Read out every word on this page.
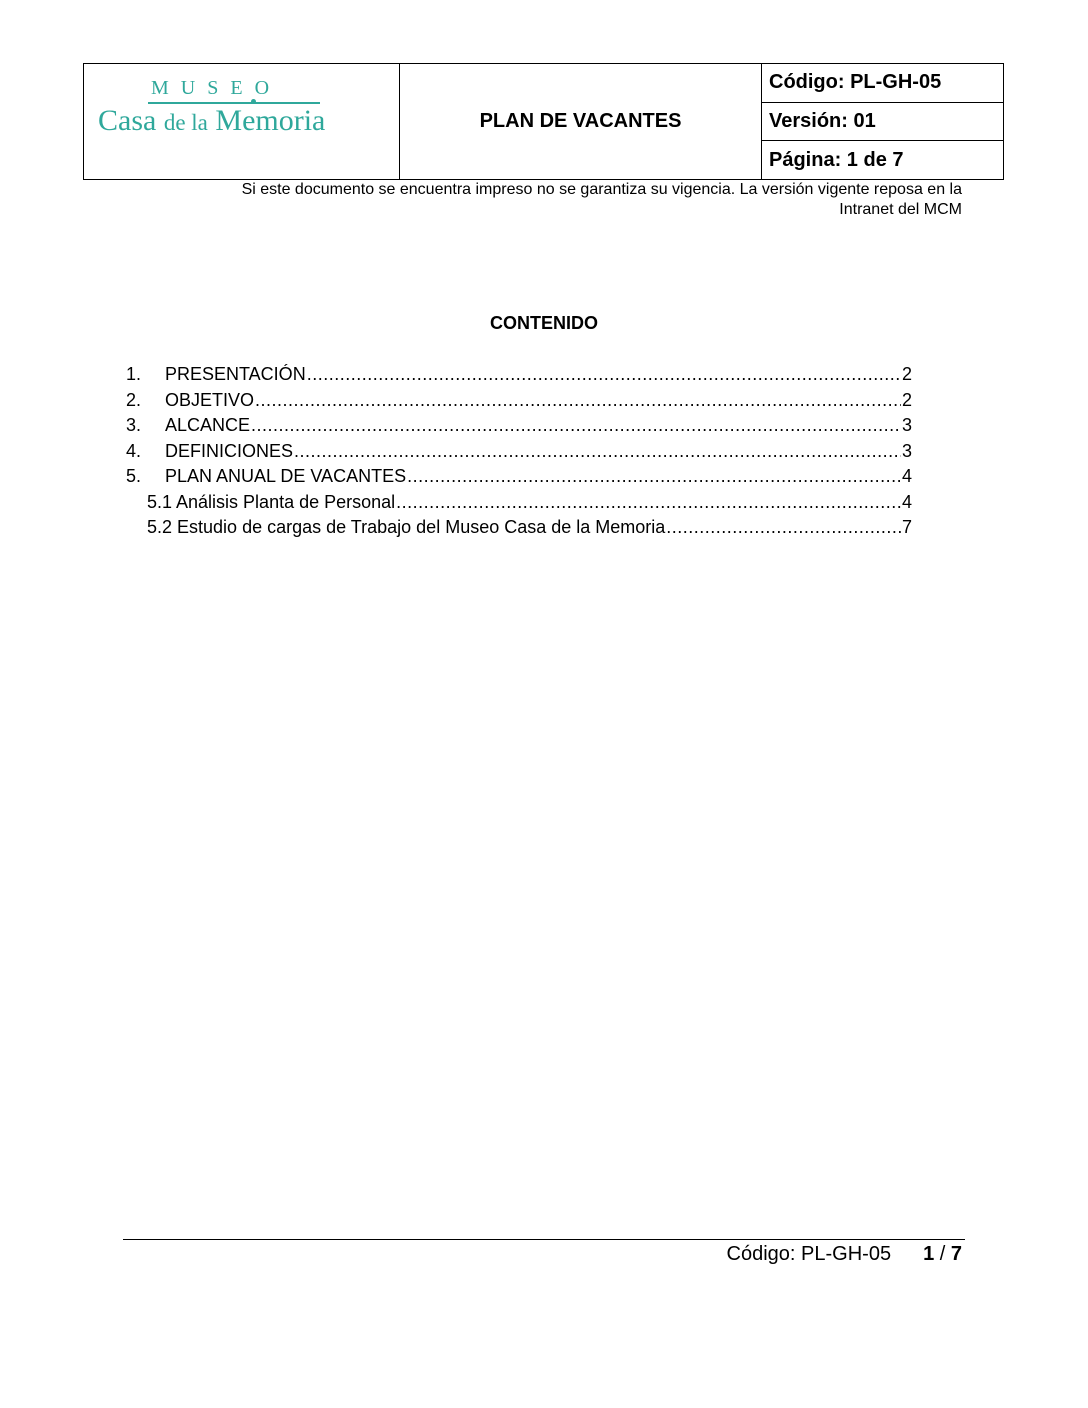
MUSEO
Casa de la Memoria	PLAN DE VACANTES	Código: PL-GH-05
Versión: 01
Página: 1 de 7
Si este documento se encuentra impreso no se garantiza su vigencia. La versión vigente reposa en la
Intranet del MCM
CONTENIDO
1.	PRESENTACIÓN .....	2
2.	OBJETIVO .....	2
3.	ALCANCE .....	3
4.	DEFINICIONES .....	3
5.	PLAN ANUAL DE VACANTES .....	4
5.1 Análisis Planta de Personal .....	4
5.2 Estudio de cargas de Trabajo del Museo Casa de la Memoria .....	7
Código: PL-GH-05 1 / 7
